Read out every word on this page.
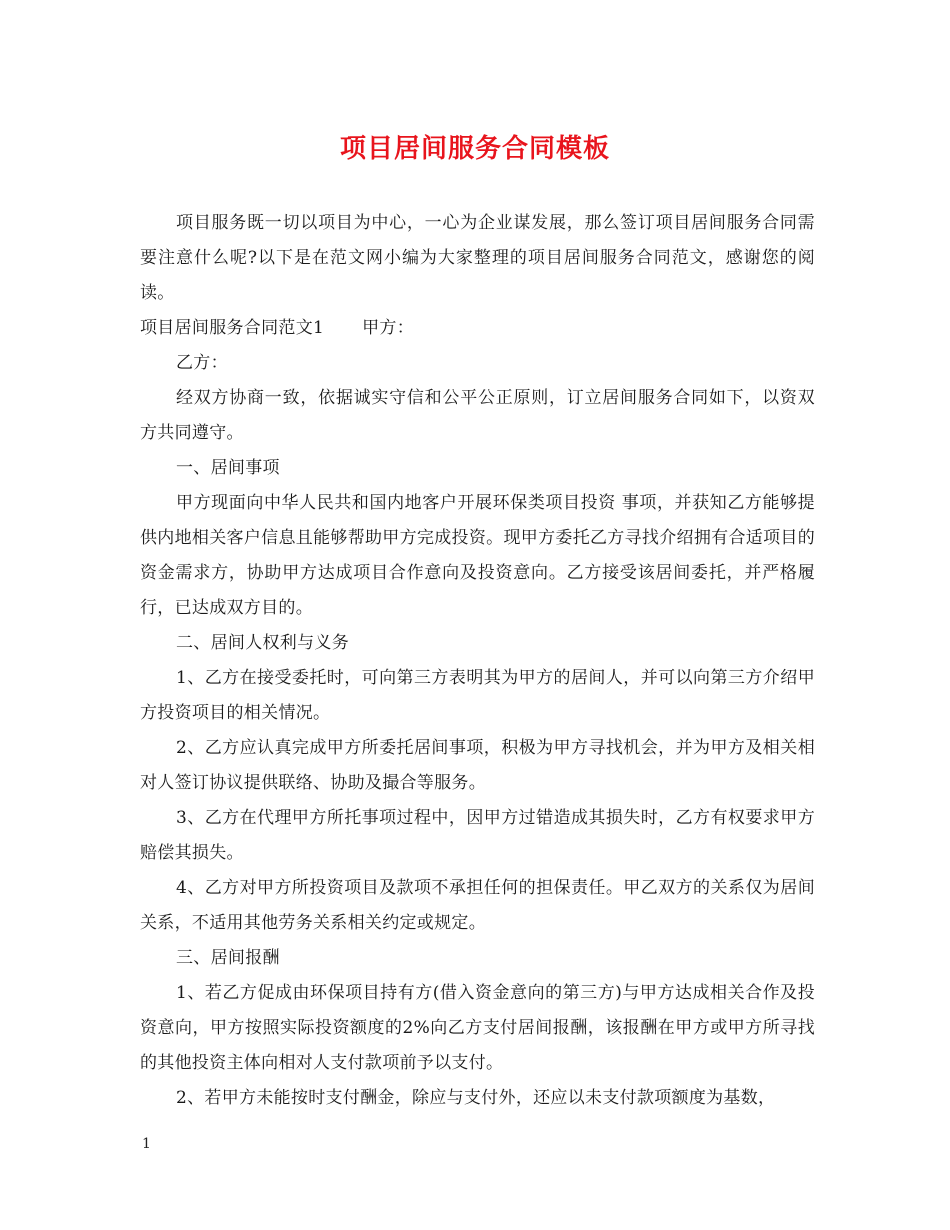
项目居间服务合同模板

项目服务既一切以项目为中心，一心为企业谋发展，那么签订项目居间服务合同需要注意什么呢?以下是在范文网小编为大家整理的项目居间服务合同范文，感谢您的阅读。

项目居间服务合同范文1 甲方：

乙方：

经双方协商一致，依据诚实守信和公平公正原则，订立居间服务合同如下，以资双方共同遵守。

一、居间事项

甲方现面向中华人民共和国内地客户开展环保类项目投资 事项，并获知乙方能够提供内地相关客户信息且能够帮助甲方完成投资。现甲方委托乙方寻找介绍拥有合适项目的资金需求方，协助甲方达成项目合作意向及投资意向。乙方接受该居间委托，并严格履行，已达成双方目的。

二、居间人权利与义务

1、乙方在接受委托时，可向第三方表明其为甲方的居间人，并可以向第三方介绍甲方投资项目的相关情况。

2、乙方应认真完成甲方所委托居间事项，积极为甲方寻找机会，并为甲方及相关相对人签订协议提供联络、协助及撮合等服务。

3、乙方在代理甲方所托事项过程中，因甲方过错造成其损失时，乙方有权要求甲方赔偿其损失。

4、乙方对甲方所投资项目及款项不承担任何的担保责任。甲乙双方的关系仅为居间关系，不适用其他劳务关系相关约定或规定。

三、居间报酬

1、若乙方促成由环保项目持有方(借入资金意向的第三方)与甲方达成相关合作及投资意向，甲方按照实际投资额度的2%向乙方支付居间报酬，该报酬在甲方或甲方所寻找的其他投资主体向相对人支付款项前予以支付。

2、若甲方未能按时支付酬金，除应与支付外，还应以未支付款项额度为基数，

1
